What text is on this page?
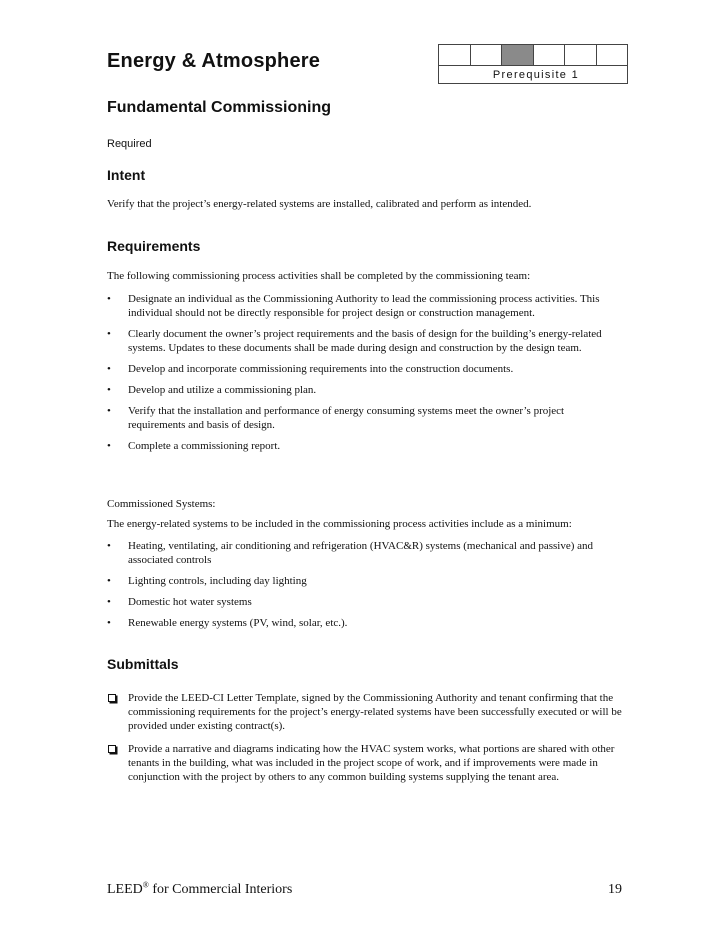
Energy & Atmosphere
Prerequisite 1
Fundamental Commissioning
Required
Intent
Verify that the project’s energy-related systems are installed, calibrated and perform as intended.
Requirements
The following commissioning process activities shall be completed by the commissioning team:
•	Designate an individual as the Commissioning Authority to lead the commissioning process activities. This individual should not be directly responsible for project design or construction management.
•	Clearly document the owner’s project requirements and the basis of design for the building’s energy-related systems. Updates to these documents shall be made during design and construction by the design team.
•	Develop and incorporate commissioning requirements into the construction documents.
•	Develop and utilize a commissioning plan.
•	Verify that the installation and performance of energy consuming systems meet the owner’s project requirements and basis of design.
•	Complete a commissioning report.
Commissioned Systems:
The energy-related systems to be included in the commissioning process activities include as a minimum:
•	Heating, ventilating, air conditioning and refrigeration (HVAC&R) systems (mechanical and passive) and associated controls
•	Lighting controls, including day lighting
•	Domestic hot water systems
•	Renewable energy systems (PV, wind, solar, etc.).
Submittals
Provide the LEED-CI Letter Template, signed by the Commissioning Authority and tenant confirming that the commissioning requirements for the project’s energy-related systems have been successfully executed or will be provided under existing contract(s).
Provide a narrative and diagrams indicating how the HVAC system works, what portions are shared with other tenants in the building, what was included in the project scope of work, and if improvements were made in conjunction with the project by others to any common building systems supplying the tenant area.
LEED® for Commercial Interiors	19
